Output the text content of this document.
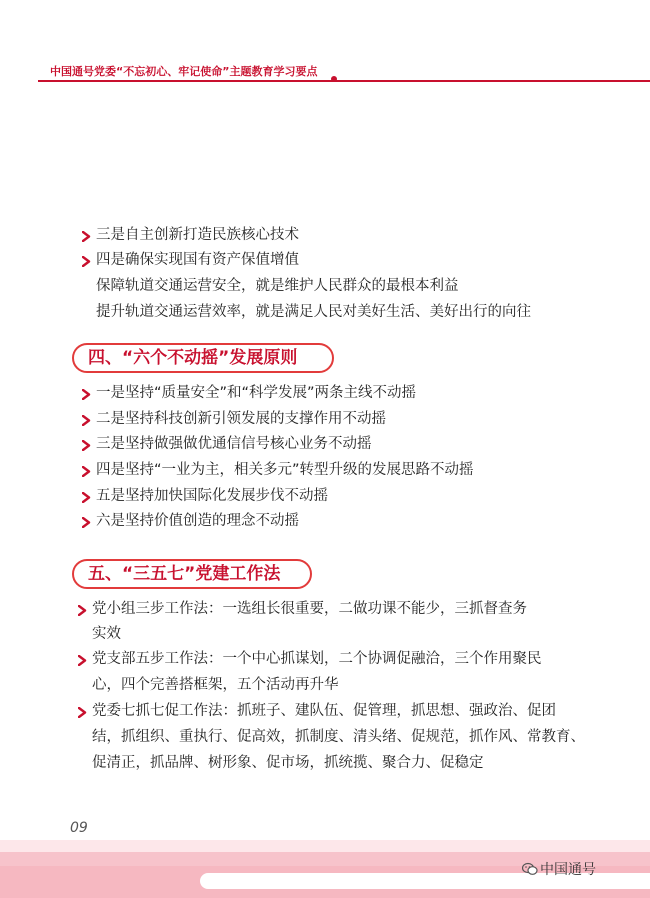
中国通号党委“不忘初心、牢记使命”主题教育学习要点
三是自主创新打造民族核心技术
四是确保实现国有资产保值增值
保障轨道交通运营安全，就是维护人民群众的最根本利益
提升轨道交通运营效率，就是满足人民对美好生活、美好出行的向往
四、“六个不动摇”发展原则
一是坚持“质量安全”和“科学发展”两条主线不动摇
二是坚持科技创新引领发展的支撑作用不动摇
三是坚持做强做优通信信号核心业务不动摇
四是坚持“一业为主，相关多元”转型升级的发展思路不动摇
五是坚持加快国际化发展步伐不动摇
六是坚持价值创造的理念不动摇
五、“三五七”党建工作法
党小组三步工作法：一选组长很重要，二做功课不能少，三抓督查务
实效
党支部五步工作法：一个中心抓谋划，二个协调促融洽，三个作用聚民
心，四个完善搭框架，五个活动再升华
党委七抓七促工作法：抓班子、建队伍、促管理，抓思想、强政治、促团
结，抓组织、重执行、促高效，抓制度、清头绪、促规范，抓作风、常教育、
促清正，抓品牌、树形象、促市场，抓统揽、聚合力、促稳定
09
中国通号
